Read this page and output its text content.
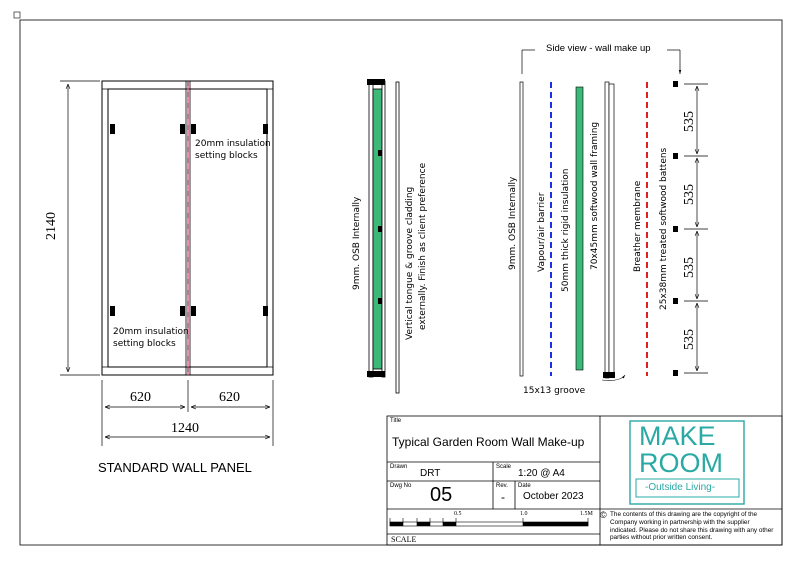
2140
620	620
1240
STANDARD WALL PANEL
20mm insulation
setting blocks
20mm insulation
setting blocks
9mm. OSB Internally	Vertical tongue & groove cladding externally. Finish as client preference
Side view - wall make up
9mm. OSB Internally Vapour/air barrier 50mm thick rigid insulation 70x45mm softwood wall framing	Breather membrane 25x38mm treated softwood battens
15x13 groove
535
535
535
535
Title
Typical Garden Room Wall Make-up
Drawn
DRT
Scale
1:20 @ A4
Dwg No 05	Rev.
-
Date
October 2023
0.5	1.0	1.5M
SCALE
© The contents of this drawing are the copyright of the Company working in partnership with the supplier indicated. Please do not share this drawing with any other parties without prior written consent.
MAKE
ROOM
-Outside Living-
